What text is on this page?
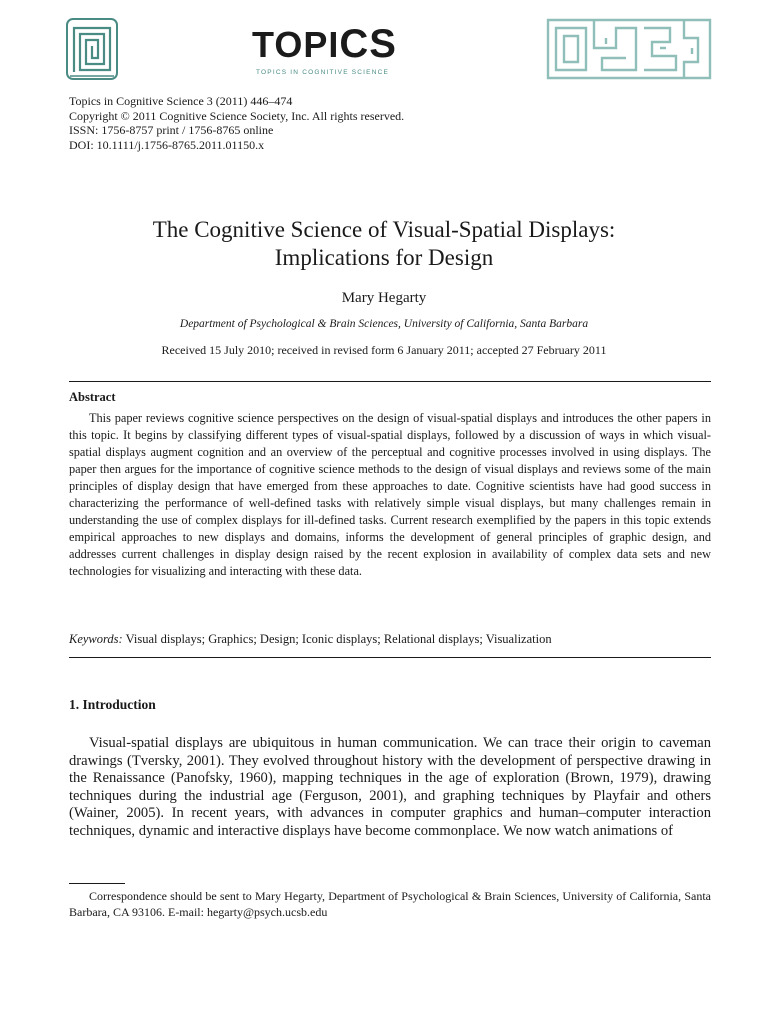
TOPICS
TOPICS IN COGNITIVE SCIENCE
Topics in Cognitive Science 3 (2011) 446–474
Copyright © 2011 Cognitive Science Society, Inc. All rights reserved.
ISSN: 1756-8757 print / 1756-8765 online
DOI: 10.1111/j.1756-8765.2011.01150.x
The Cognitive Science of Visual-Spatial Displays:
Implications for Design
Mary Hegarty
Department of Psychological & Brain Sciences, University of California, Santa Barbara
Received 15 July 2010; received in revised form 6 January 2011; accepted 27 February 2011
Abstract

This paper reviews cognitive science perspectives on the design of visual-spatial displays and introduces the other papers in this topic. It begins by classifying different types of visual-spatial displays, followed by a discussion of ways in which visual-spatial displays augment cognition and an overview of the perceptual and cognitive processes involved in using displays. The paper then argues for the importance of cognitive science methods to the design of visual displays and reviews some of the main principles of display design that have emerged from these approaches to date. Cognitive scientists have had good success in characterizing the performance of well-defined tasks with relatively simple visual displays, but many challenges remain in understanding the use of complex displays for ill-defined tasks. Current research exemplified by the papers in this topic extends empirical approaches to new displays and domains, informs the development of general principles of graphic design, and addresses current challenges in display design raised by the recent explosion in availability of complex data sets and new technologies for visualizing and interacting with these data.

Keywords: Visual displays; Graphics; Design; Iconic displays; Relational displays; Visualization
1. Introduction

Visual-spatial displays are ubiquitous in human communication. We can trace their origin to caveman drawings (Tversky, 2001). They evolved throughout history with the development of perspective drawing in the Renaissance (Panofsky, 1960), mapping techniques in the age of exploration (Brown, 1979), drawing techniques during the industrial age (Ferguson, 2001), and graphing techniques by Playfair and others (Wainer, 2005). In recent years, with advances in computer graphics and human–computer interaction techniques, dynamic and interactive displays have become commonplace. We now watch animations of

Correspondence should be sent to Mary Hegarty, Department of Psychological & Brain Sciences, University of California, Santa Barbara, CA 93106. E-mail: hegarty@psych.ucsb.edu
